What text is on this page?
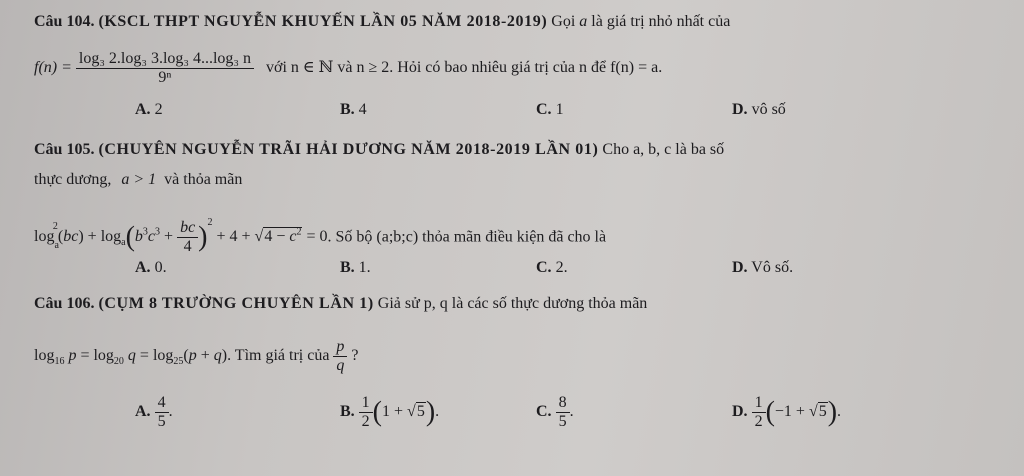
Câu 104. (KSCL THPT NGUYỄN KHUYẾN LẦN 05 NĂM 2018-2019) Gọi a là giá trị nhỏ nhất của
$f(n) = \frac{\text{log₃ 2.log₃ 3.log₃ 4...log₃ n}}{\text{9ⁿ}}$ với n ∈ ℕ và n ≥ 2. Hỏi có bao nhiêu giá trị của n để f(n) = a.
A. 2	B. 4	C. 1	D. vô số
Câu 105. (CHUYÊN NGUYỄN TRÃI HẢI DƯƠNG NĂM 2018-2019 LẦN 01) Cho a, b, c là ba số
thực dương, a > 1 và thỏa mãn
$\log_a^2(bc) + \log_a(b^3c^3 + \frac{bc}{4} )^2 + 4 + √4 - c^2 = 0$. Số bộ (a;b;c) thỏa mãn điều kiện đã cho là
A. 0.	B. 1.	C. 2.	D. Vô số.
Câu 106. (CỤM 8 TRƯỜNG CHUYÊN LẦN 1) Giả sử p, q là các số thực dương thỏa mãn
$\log_{16} p = \log_{20} q = \log_{25}(p + q)$. Tìm giá trị của $\frac{p}{q}$ ?
A. $\frac{4}{5}$ .	B. $\frac{1}{2} (1 + √5)$.	C. $\frac{8}{5}$ .	D. $\frac{1}{2} (-1 + √5)$.
